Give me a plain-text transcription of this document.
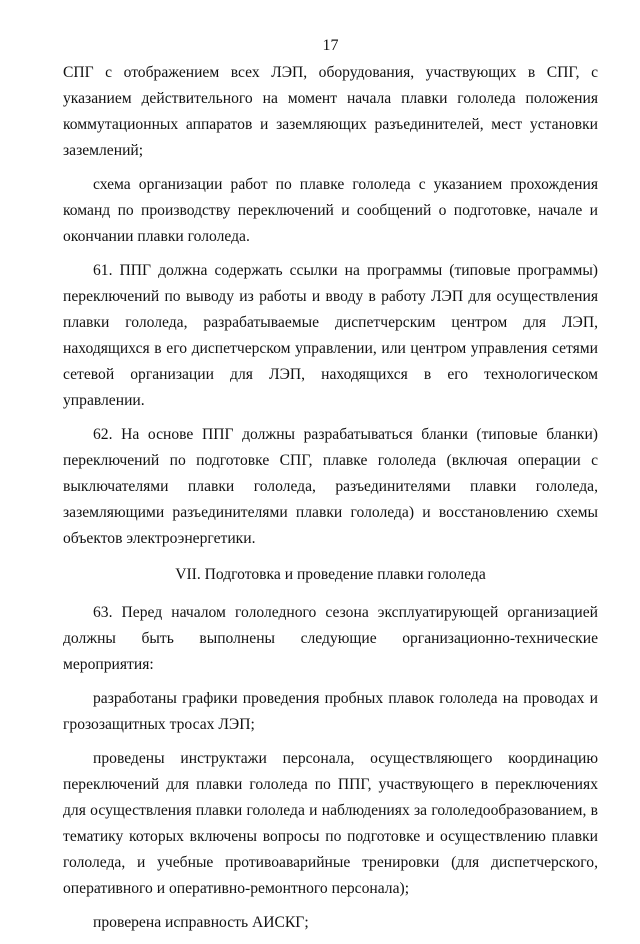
17

СПГ с отображением всех ЛЭП, оборудования, участвующих в СПГ, с указанием действительного на момент начала плавки гололеда положения коммутационных аппаратов и заземляющих разъединителей, мест установки заземлений;

схема организации работ по плавке гололеда с указанием прохождения команд по производству переключений и сообщений о подготовке, начале и окончании плавки гололеда.

61. ППГ должна содержать ссылки на программы (типовые программы) переключений по выводу из работы и вводу в работу ЛЭП для осуществления плавки гололеда, разрабатываемые диспетчерским центром для ЛЭП, находящихся в его диспетчерском управлении, или центром управления сетями сетевой организации для ЛЭП, находящихся в его технологическом управлении.

62. На основе ППГ должны разрабатываться бланки (типовые бланки) переключений по подготовке СПГ, плавке гололеда (включая операции с выключателями плавки гололеда, разъединителями плавки гололеда, заземляющими разъединителями плавки гололеда) и восстановлению схемы объектов электроэнергетики.

VII. Подготовка и проведение плавки гололеда

63. Перед началом гололедного сезона эксплуатирующей организацией должны быть выполнены следующие организационно-технические мероприятия:

разработаны графики проведения пробных плавок гололеда на проводах и грозозащитных тросах ЛЭП;

проведены инструктажи персонала, осуществляющего координацию переключений для плавки гололеда по ППГ, участвующего в переключениях для осуществления плавки гололеда и наблюдениях за гололедообразованием, в тематику которых включены вопросы по подготовке и осуществлению плавки гололеда, и учебные противоаварийные тренировки (для диспетчерского, оперативного и оперативно-ремонтного персонала);

проверена исправность АИСКГ;
